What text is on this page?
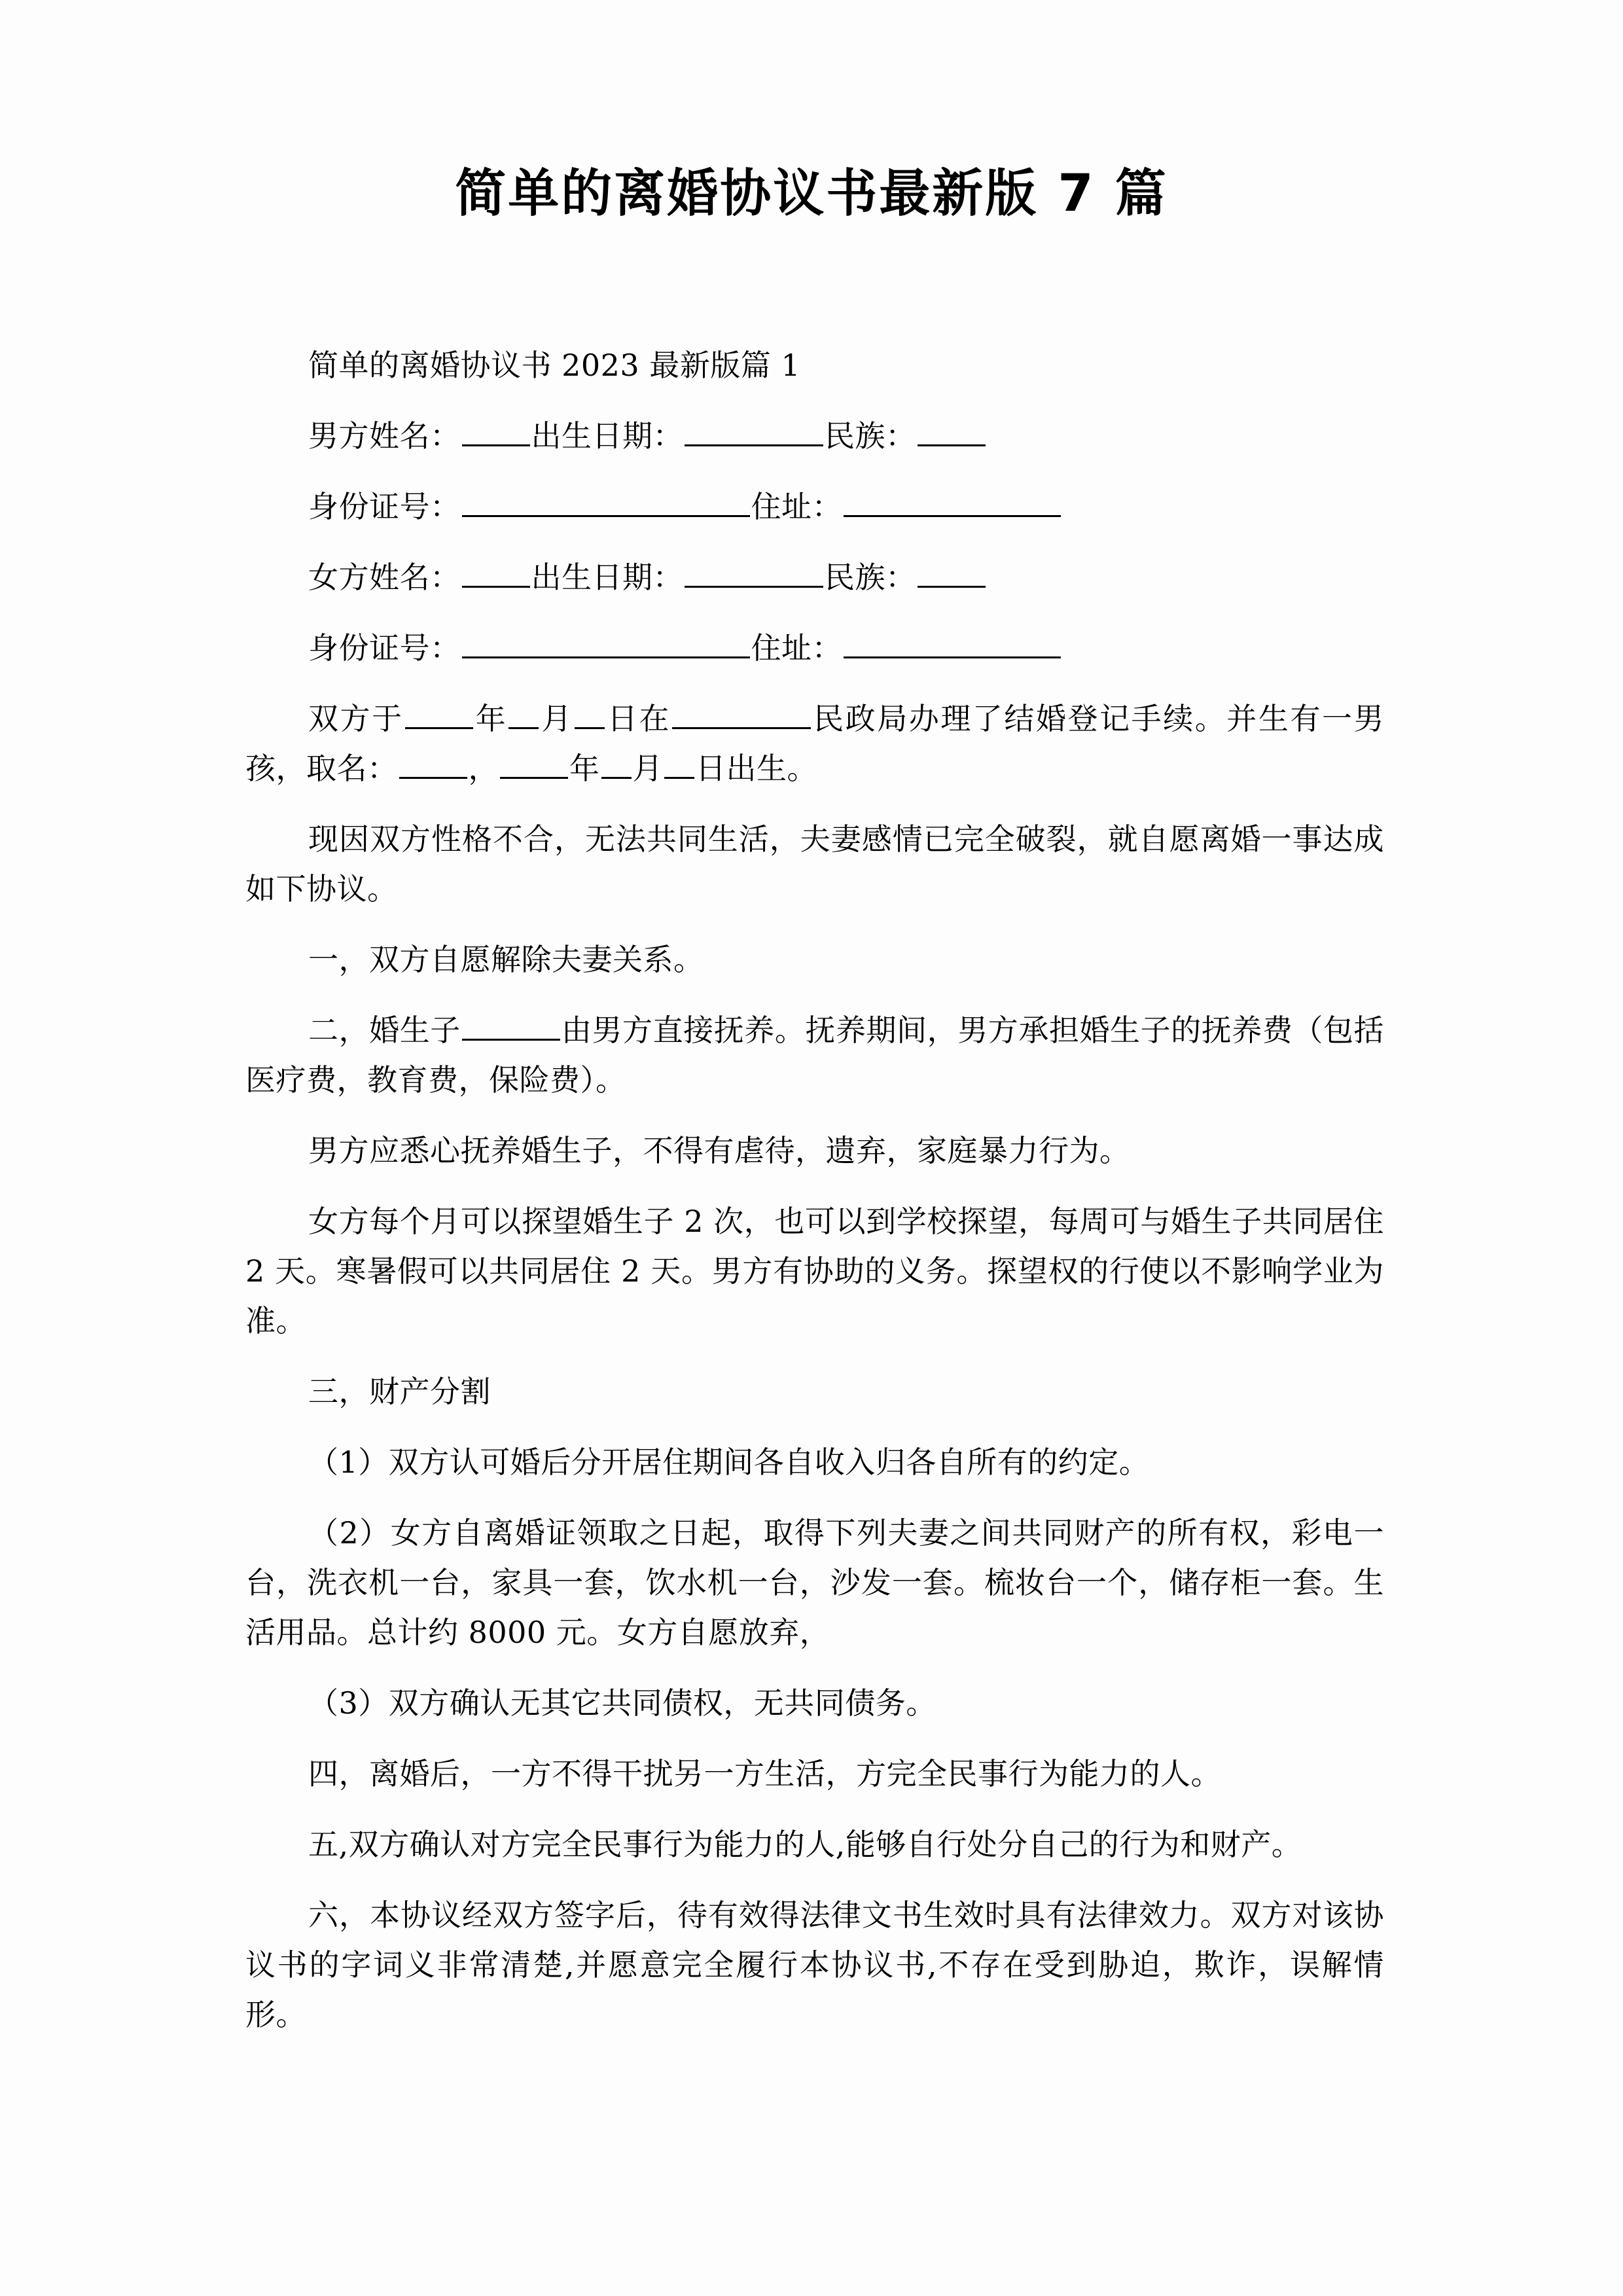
简单的离婚协议书最新版 7 篇

简单的离婚协议书 2023 最新版篇 1

男方姓名： 出生日期：	民族：

身份证号：	住址：

女方姓名： 出生日期：	民族：

身份证号：	住址：

双方于 年 月 日在	民政局办理了结婚登记手续。并生有一男孩，取名： ， 年 月 日出生。

现因双方性格不合，无法共同生活，夫妻感情已完全破裂，就自愿离婚一事达成如下协议。

一，双方自愿解除夫妻关系。

二，婚生子	由男方直接抚养。抚养期间，男方承担婚生子的抚养费（包括医疗费，教育费，保险费）。

男方应悉心抚养婚生子，不得有虐待，遗弃，家庭暴力行为。

女方每个月可以探望婚生子 2 次，也可以到学校探望，每周可与婚生子共同居住 2 天。寒暑假可以共同居住 2 天。男方有协助的义务。探望权的行使以不影响学业为准。

三，财产分割

（1）双方认可婚后分开居住期间各自收入归各自所有的约定。

（2）女方自离婚证领取之日起，取得下列夫妻之间共同财产的所有权，彩电一台，洗衣机一台，家具一套，饮水机一台，沙发一套。梳妆台一个，储存柜一套。生活用品。总计约 8000 元。女方自愿放弃，

（3）双方确认无其它共同债权，无共同债务。

四，离婚后，一方不得干扰另一方生活，方完全民事行为能力的人。

五,双方确认对方完全民事行为能力的人,能够自行处分自己的行为和财产。

六，本协议经双方签字后，待有效得法律文书生效时具有法律效力。双方对该协议书的字词义非常清楚,并愿意完全履行本协议书,不存在受到胁迫，欺诈，误解情形。
